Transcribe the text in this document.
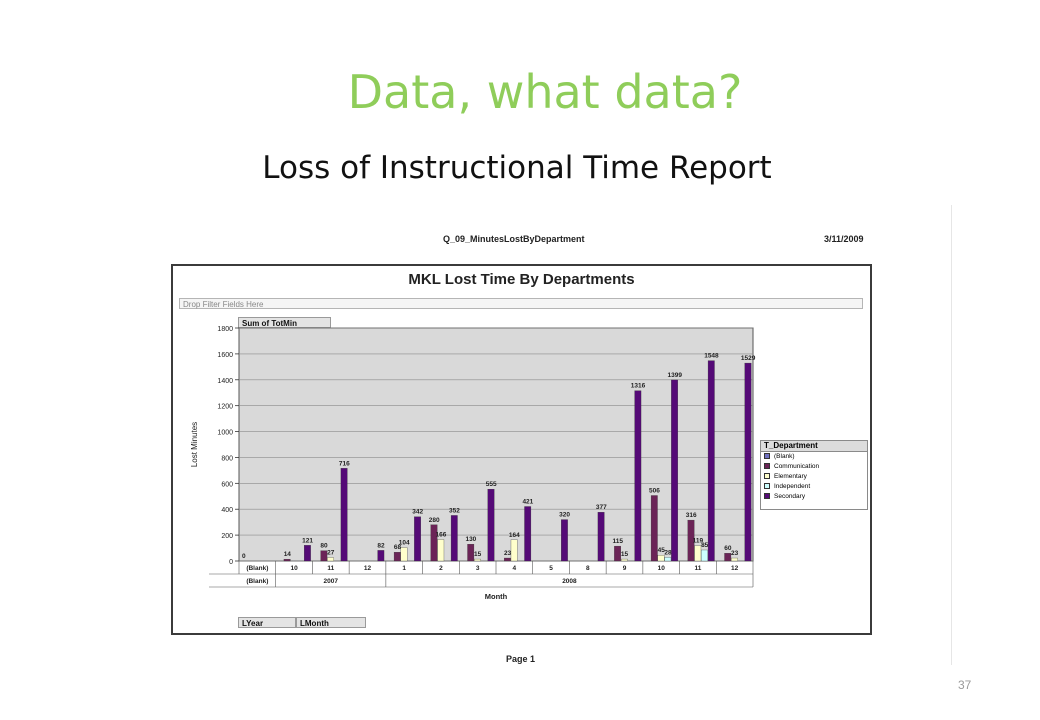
Data, what data?
Loss of Instructional Time Report
Q_09_MinutesLostByDepartment	3/11/2009
MKL Lost Time By Departments
Drop Filter Fields Here
Sum of TotMin
0
200
400
600
800
1000
1200
1400
1600
1800
Lost Minutes
0	14
80	68
280
130
23
115
506
316
60
27
104
166
15
164
15
45
119
23
28
85
121
716
82
342	352
555
421
320
377
1316
1399
1548	1529
(Blank)	10	11	12	1	2	3	4	5	8	9	10	11	12
(Blank)	2007	2008
Month
T_Department
(Blank)
Communication
Elementary
Independent
Secondary
LYear	LMonth
Page 1
37
